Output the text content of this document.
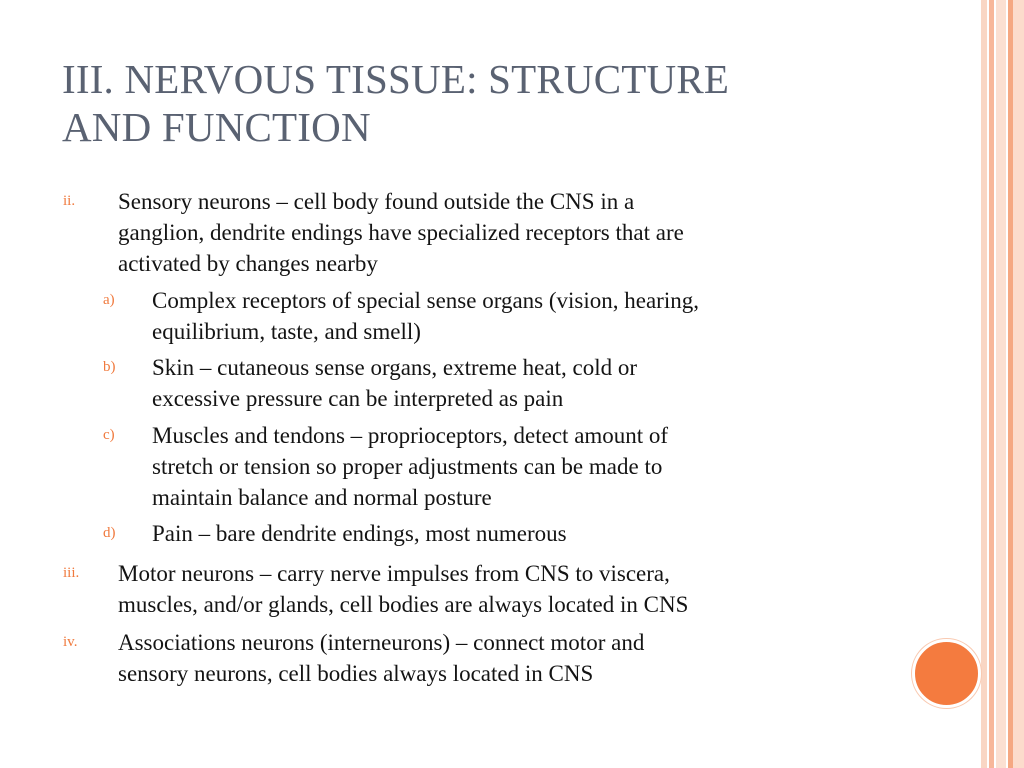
III. NERVOUS TISSUE: STRUCTURE
AND FUNCTION
ii. Sensory neurons – cell body found outside the CNS in a
ganglion, dendrite endings have specialized receptors that are
activated by changes nearby
a) Complex receptors of special sense organs (vision, hearing,
equilibrium, taste, and smell)
b) Skin – cutaneous sense organs, extreme heat, cold or
excessive pressure can be interpreted as pain
c) Muscles and tendons – proprioceptors, detect amount of
stretch or tension so proper adjustments can be made to
maintain balance and normal posture
d) Pain – bare dendrite endings, most numerous
iii. Motor neurons – carry nerve impulses from CNS to viscera,
muscles, and/or glands, cell bodies are always located in CNS
iv. Associations neurons (interneurons) – connect motor and
sensory neurons, cell bodies always located in CNS
